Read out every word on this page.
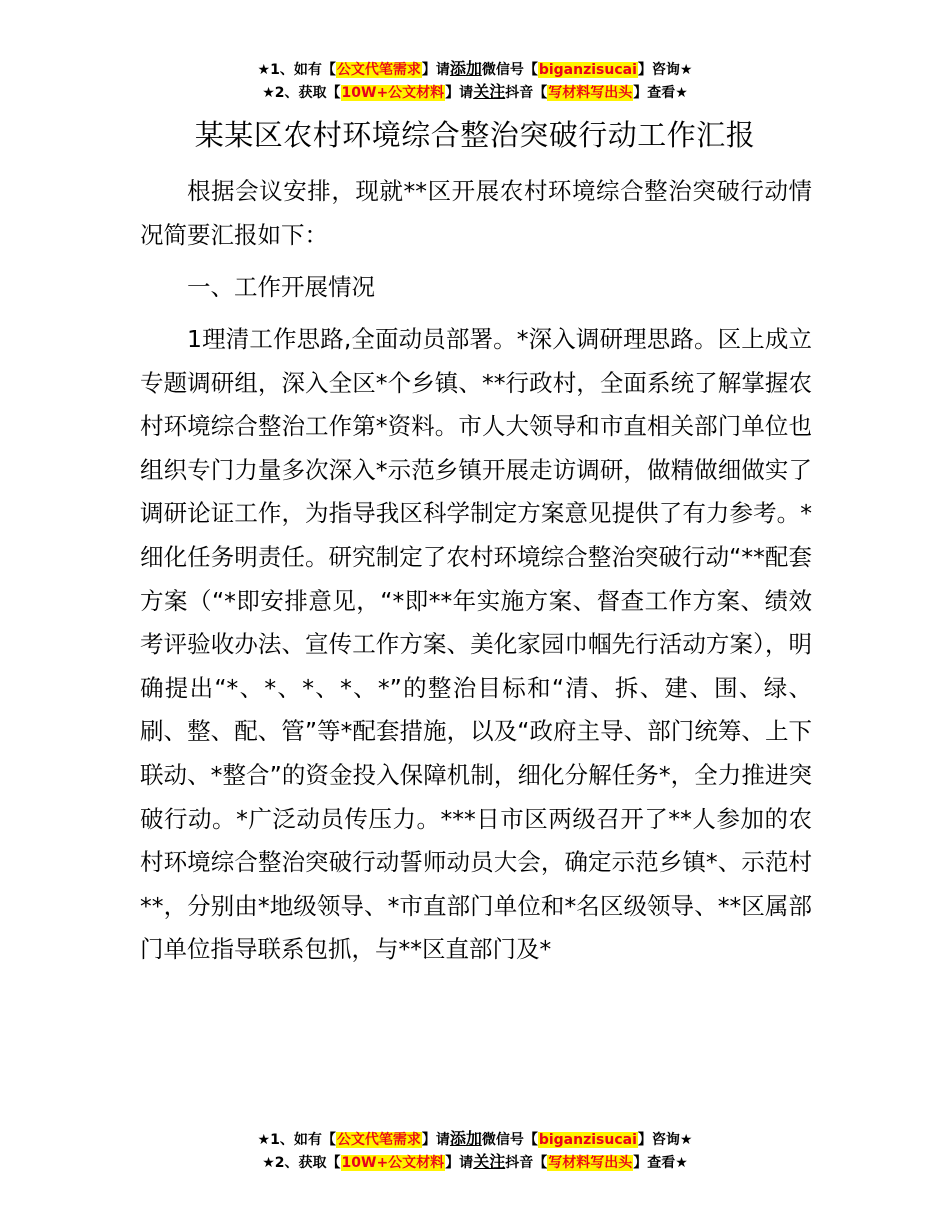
★1、如有【公文代笔需求】请添加微信号【biganzisucai】咨询★
★2、获取【10W+公文材料】请关注抖音【写材料写出头】查看★
某某区农村环境综合整治突破行动工作汇报

根据会议安排，现就**区开展农村环境综合整治突破行动情况简要汇报如下：

一、工作开展情况

1理清工作思路,全面动员部署。*深入调研理思路。区上成立专题调研组，深入全区*个乡镇、**行政村，全面系统了解掌握农村环境综合整治工作第*资料。市人大领导和市直相关部门单位也组织专门力量多次深入*示范乡镇开展走访调研，做精做细做实了调研论证工作，为指导我区科学制定方案意见提供了有力参考。*细化任务明责任。研究制定了农村环境综合整治突破行动“**配套方案（“*即安排意见，“*即**年实施方案、督查工作方案、绩效考评验收办法、宣传工作方案、美化家园巾帼先行活动方案），明确提出“*、*、*、*、*”的整治目标和“清、拆、建、围、绿、刷、整、配、管”等*配套措施，以及“政府主导、部门统筹、上下联动、*整合”的资金投入保障机制，细化分解任务*，全力推进突破行动。*广泛动员传压力。***日市区两级召开了**人参加的农村环境综合整治突破行动誓师动员大会，确定示范乡镇*、示范村**，分别由*地级领导、*市直部门单位和*名区级领导、**区属部门单位指导联系包抓，与**区直部门及*

★1、如有【公文代笔需求】请添加微信号【biganzisucai】咨询★
★2、获取【10W+公文材料】请关注抖音【写材料写出头】查看★
